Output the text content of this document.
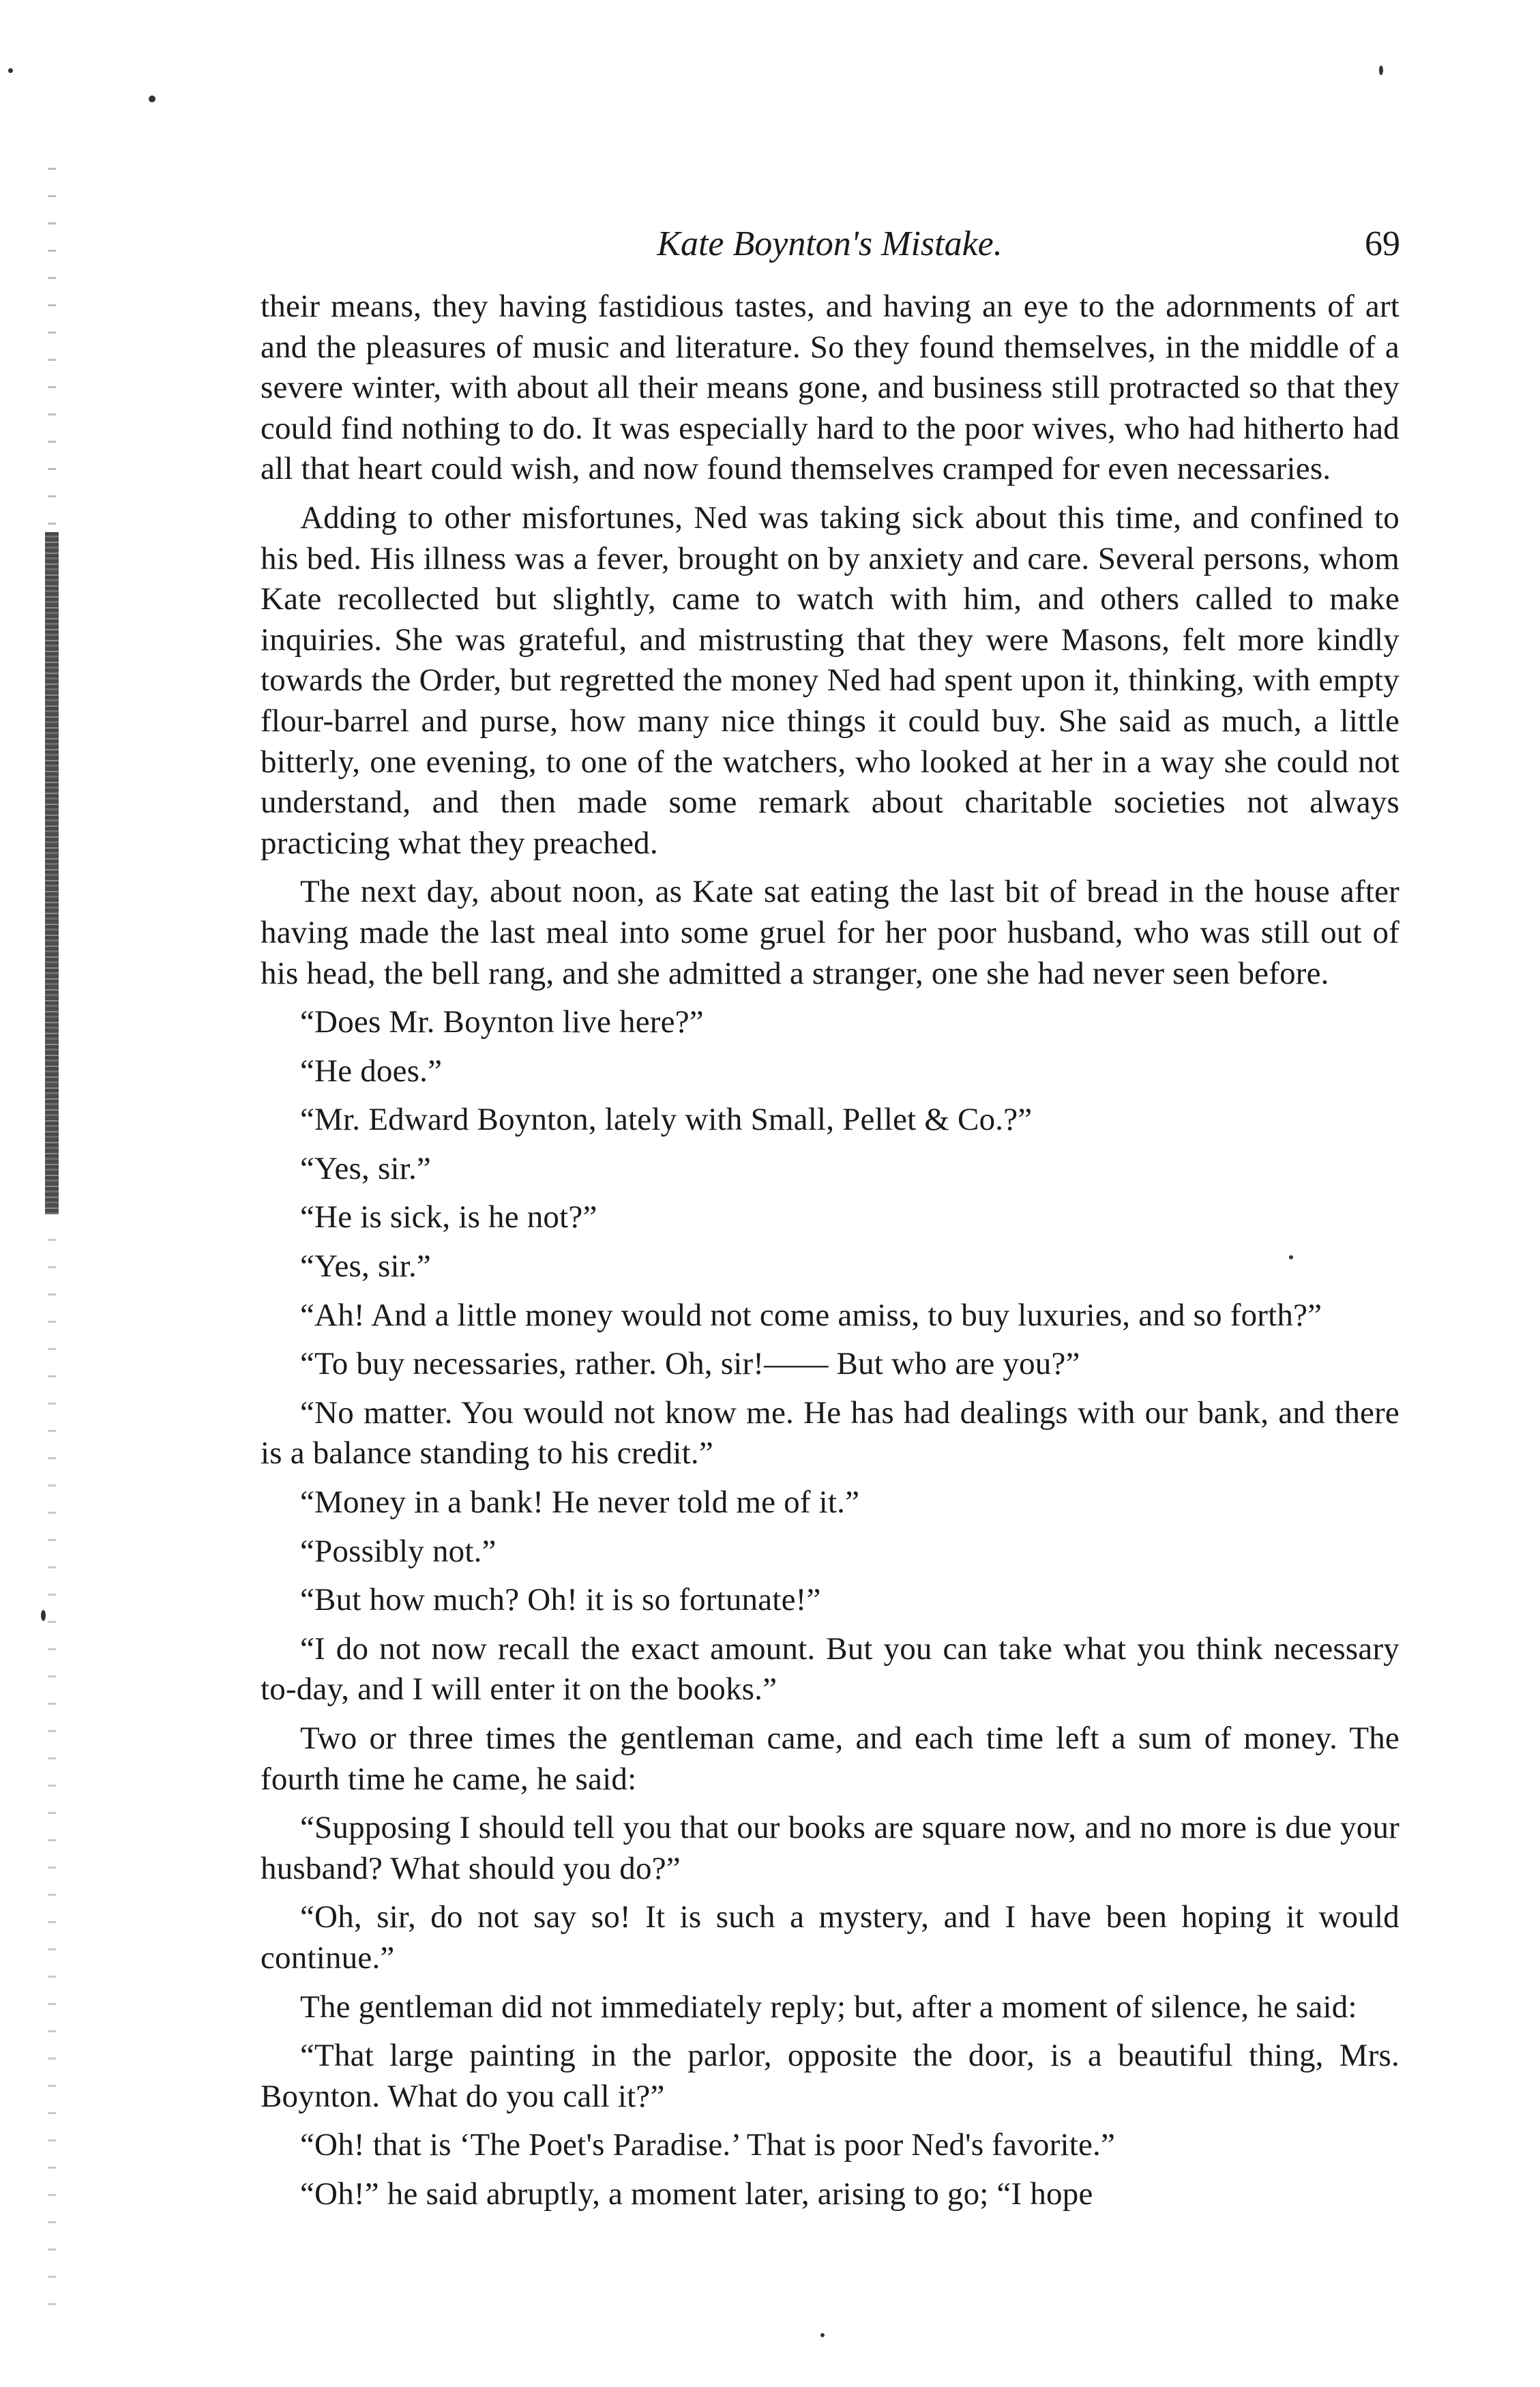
Kate Boynton's Mistake.	69

their means, they having fastidious tastes, and having an eye to the adornments of art and the pleasures of music and literature. So they found themselves, in the middle of a severe winter, with about all their means gone, and business still protracted so that they could find nothing to do. It was especially hard to the poor wives, who had hitherto had all that heart could wish, and now found themselves cramped for even necessaries.

Adding to other misfortunes, Ned was taking sick about this time, and confined to his bed. His illness was a fever, brought on by anxiety and care. Several persons, whom Kate recollected but slightly, came to watch with him, and others called to make inquiries. She was grateful, and mistrusting that they were Masons, felt more kindly towards the Order, but regretted the money Ned had spent upon it, thinking, with empty flour-barrel and purse, how many nice things it could buy. She said as much, a little bitterly, one evening, to one of the watchers, who looked at her in a way she could not understand, and then made some remark about charitable societies not always practicing what they preached.

The next day, about noon, as Kate sat eating the last bit of bread in the house after having made the last meal into some gruel for her poor husband, who was still out of his head, the bell rang, and she admitted a stranger, one she had never seen before.

“Does Mr. Boynton live here?”

“He does.”

“Mr. Edward Boynton, lately with Small, Pellet & Co.?”

“Yes, sir.”

“He is sick, is he not?”

“Yes, sir.”

“Ah! And a little money would not come amiss, to buy luxuries, and so forth?”

“To buy necessaries, rather. Oh, sir!—— But who are you?”

“No matter. You would not know me. He has had dealings with our bank, and there is a balance standing to his credit.”

“Money in a bank! He never told me of it.”

“Possibly not.”

“But how much? Oh! it is so fortunate!”

“I do not now recall the exact amount. But you can take what you think necessary to-day, and I will enter it on the books.”

Two or three times the gentleman came, and each time left a sum of money. The fourth time he came, he said:

“Supposing I should tell you that our books are square now, and no more is due your husband? What should you do?”

“Oh, sir, do not say so! It is such a mystery, and I have been hoping it would continue.”

The gentleman did not immediately reply; but, after a moment of silence, he said:

“That large painting in the parlor, opposite the door, is a beautiful thing, Mrs. Boynton. What do you call it?”

“Oh! that is ‘The Poet's Paradise.’ That is poor Ned's favorite.”

“Oh!” he said abruptly, a moment later, arising to go; “I hope
